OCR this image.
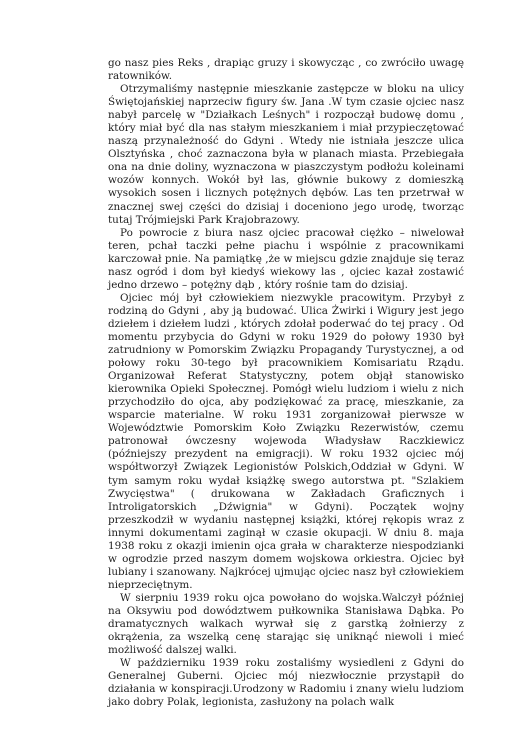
go nasz pies Reks , drapiąc gruzy i skowycząc , co zwróciło uwagę ratowników.

Otrzymaliśmy następnie mieszkanie zastępcze w bloku na ulicy Świętojańskiej naprzeciw figury św. Jana .W tym czasie ojciec nasz nabył parcelę w "Działkach Leśnych" i rozpoczął budowę domu , który miał być dla nas stałym mieszkaniem i miał przypieczętować naszą przynależność do Gdyni . Wtedy nie istniała jeszcze ulica Olsztyńska , choć zaznaczona była w planach miasta. Przebiegała ona na dnie doliny, wyznaczona w piaszczystym podłożu koleinami wozów konnych. Wokół był las, głównie bukowy z domieszką wysokich sosen i licznych potężnych dębów. Las ten przetrwał w znacznej swej części do dzisiaj i doceniono jego urodę, tworząc tutaj Trójmiejski Park Krajobrazowy.

Po powrocie z biura nasz ojciec pracował ciężko – niwelował teren, pchał taczki pełne piachu i wspólnie z pracownikami karczował pnie. Na pamiątkę ,że w miejscu gdzie znajduje się teraz nasz ogród i dom był kiedyś wiekowy las , ojciec kazał zostawić jedno drzewo – potężny dąb , który rośnie tam do dzisiaj.

Ojciec mój był człowiekiem niezwykle pracowitym. Przybył z rodziną do Gdyni , aby ją budować. Ulica Żwirki i Wigury jest jego dziełem i dziełem ludzi , których zdołał poderwać do tej pracy . Od momentu przybycia do Gdyni w roku 1929 do połowy 1930 był zatrudniony w Pomorskim Związku Propagandy Turystycznej, a od połowy roku 30-tego był pracownikiem Komisariatu Rządu. Organizował Referat Statystyczny, potem objął stanowisko kierownika Opieki Społecznej. Pomógł wielu ludziom i wielu z nich przychodziło do ojca, aby podziękować za pracę, mieszkanie, za wsparcie materialne. W roku 1931 zorganizował pierwsze w Województwie Pomorskim Koło Związku Rezerwistów, czemu patronował ówczesny wojewoda Władysław Raczkiewicz (późniejszy prezydent na emigracji). W roku 1932 ojciec mój współtworzył Związek Legionistów Polskich,Oddział w Gdyni. W tym samym roku wydał książkę swego autorstwa pt. "Szlakiem Zwycięstwa" ( drukowana w Zakładach Graficznych i Introligatorskich „Dźwignia" w Gdyni). Początek wojny przeszkodził w wydaniu następnej książki, której rękopis wraz z innymi dokumentami zaginął w czasie okupacji. W dniu 8. maja 1938 roku z okazji imienin ojca grała w charakterze niespodzianki w ogrodzie przed naszym domem wojskowa orkiestra. Ojciec był lubiany i szanowany. Najkrócej ujmując ojciec nasz był człowiekiem nieprzeciętnym.

W sierpniu 1939 roku ojca powołano do wojska.Walczył później na Oksywiu pod dowództwem pułkownika Stanisława Dąbka. Po dramatycznych walkach wyrwał się z garstką żołnierzy z okrążenia, za wszelką cenę starając się uniknąć niewoli i mieć możliwość dalszej walki.

W październiku 1939 roku zostaliśmy wysiedleni z Gdyni do Generalnej Guberni. Ojciec mój niezwłocznie przystąpił do działania w konspiracji.Urodzony w Radomiu i znany wielu ludziom jako dobry Polak, legionista, zasłużony na polach walk
